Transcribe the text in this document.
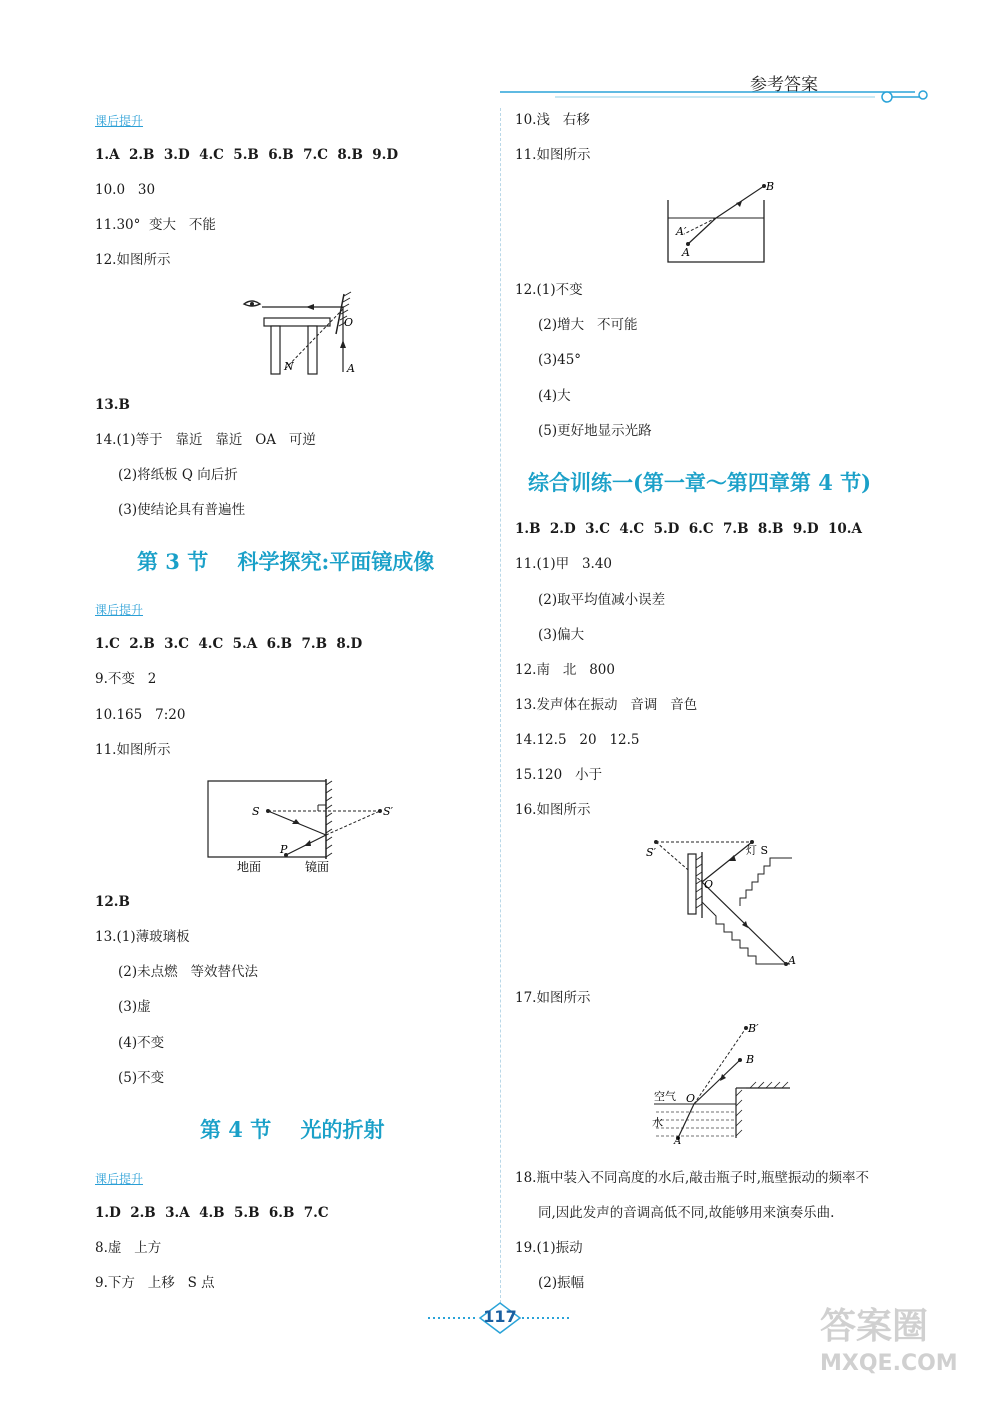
参考答案
课后提升
1.A  2.B  3.D  4.C  5.B  6.B  7.C  8.B  9.D
10.0   30
11.30°  变大   不能
12.如图所示
O
N	A
13.B
14.(1)等于   靠近   靠近   OA   可逆
(2)将纸板 Q 向后折
(3)使结论具有普遍性
第 3 节    科学探究:平面镜成像
课后提升
1.C  2.B  3.C  4.C  5.A  6.B  7.B  8.D
9.不变   2
10.165   7:20
11.如图所示
S	S′
P
地面	镜面
12.B
13.(1)薄玻璃板
(2)未点燃   等效替代法
(3)虚
(4)不变
(5)不变
第 4 节    光的折射
课后提升
1.D  2.B  3.A  4.B  5.B  6.B  7.C
8.虚   上方
9.下方   上移   S 点
10.浅   右移
11.如图所示
B
A′
A
12.(1)不变
(2)增大   不可能
(3)45°
(4)大
(5)更好地显示光路
综合训练一(第一章～第四章第 4 节)
1.B  2.D  3.C  4.C  5.D  6.C  7.B  8.B  9.D  10.A
11.(1)甲   3.40
(2)取平均值减小误差
(3)偏大
12.南   北   800
13.发声体在振动   音调   音色
14.12.5   20   12.5
15.120   小于
16.如图所示
S′	灯 S
O
A
17.如图所示
B′
B
空气
水
O
A
18.瓶中装入不同高度的水后,敲击瓶子时,瓶壁振动的频率不
同,因此发声的音调高低不同,故能够用来演奏乐曲.
19.(1)振动
(2)振幅
117	答案圈
MXQE.COM
